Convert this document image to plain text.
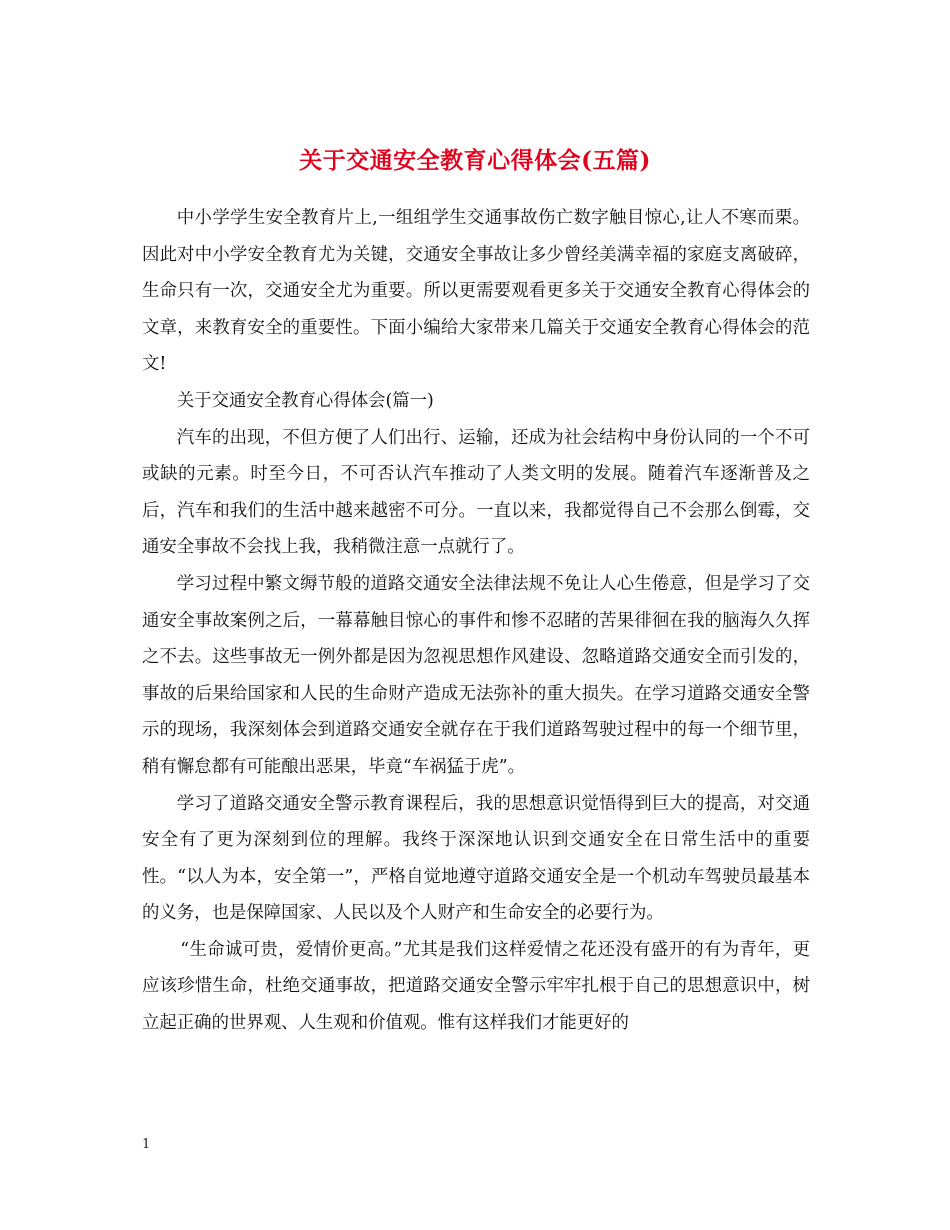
关于交通安全教育心得体会(五篇)

中小学学生安全教育片上,一组组学生交通事故伤亡数字触目惊心,让人不寒而栗。因此对中小学安全教育尤为关键，交通安全事故让多少曾经美满幸福的家庭支离破碎，生命只有一次，交通安全尤为重要。所以更需要观看更多关于交通安全教育心得体会的文章，来教育安全的重要性。下面小编给大家带来几篇关于交通安全教育心得体会的范文!

关于交通安全教育心得体会(篇一)

汽车的出现，不但方便了人们出行、运输，还成为社会结构中身份认同的一个不可或缺的元素。时至今日，不可否认汽车推动了人类文明的发展。随着汽车逐渐普及之后，汽车和我们的生活中越来越密不可分。一直以来，我都觉得自己不会那么倒霉，交通安全事故不会找上我，我稍微注意一点就行了。

学习过程中繁文缛节般的道路交通安全法律法规不免让人心生倦意，但是学习了交通安全事故案例之后，一幕幕触目惊心的事件和惨不忍睹的苦果徘徊在我的脑海久久挥之不去。这些事故无一例外都是因为忽视思想作风建设、忽略道路交通安全而引发的，事故的后果给国家和人民的生命财产造成无法弥补的重大损失。在学习道路交通安全警示的现场，我深刻体会到道路交通安全就存在于我们道路驾驶过程中的每一个细节里，稍有懈怠都有可能酿出恶果，毕竟“车祸猛于虎”。

学习了道路交通安全警示教育课程后，我的思想意识觉悟得到巨大的提高，对交通安全有了更为深刻到位的理解。我终于深深地认识到交通安全在日常生活中的重要性。“以人为本，安全第一”，严格自觉地遵守道路交通安全是一个机动车驾驶员最基本的义务，也是保障国家、人民以及个人财产和生命安全的必要行为。

“生命诚可贵，爱情价更高。”尤其是我们这样爱情之花还没有盛开的有为青年，更应该珍惜生命，杜绝交通事故，把道路交通安全警示牢牢扎根于自己的思想意识中，树立起正确的世界观、人生观和价值观。惟有这样我们才能更好的

1
